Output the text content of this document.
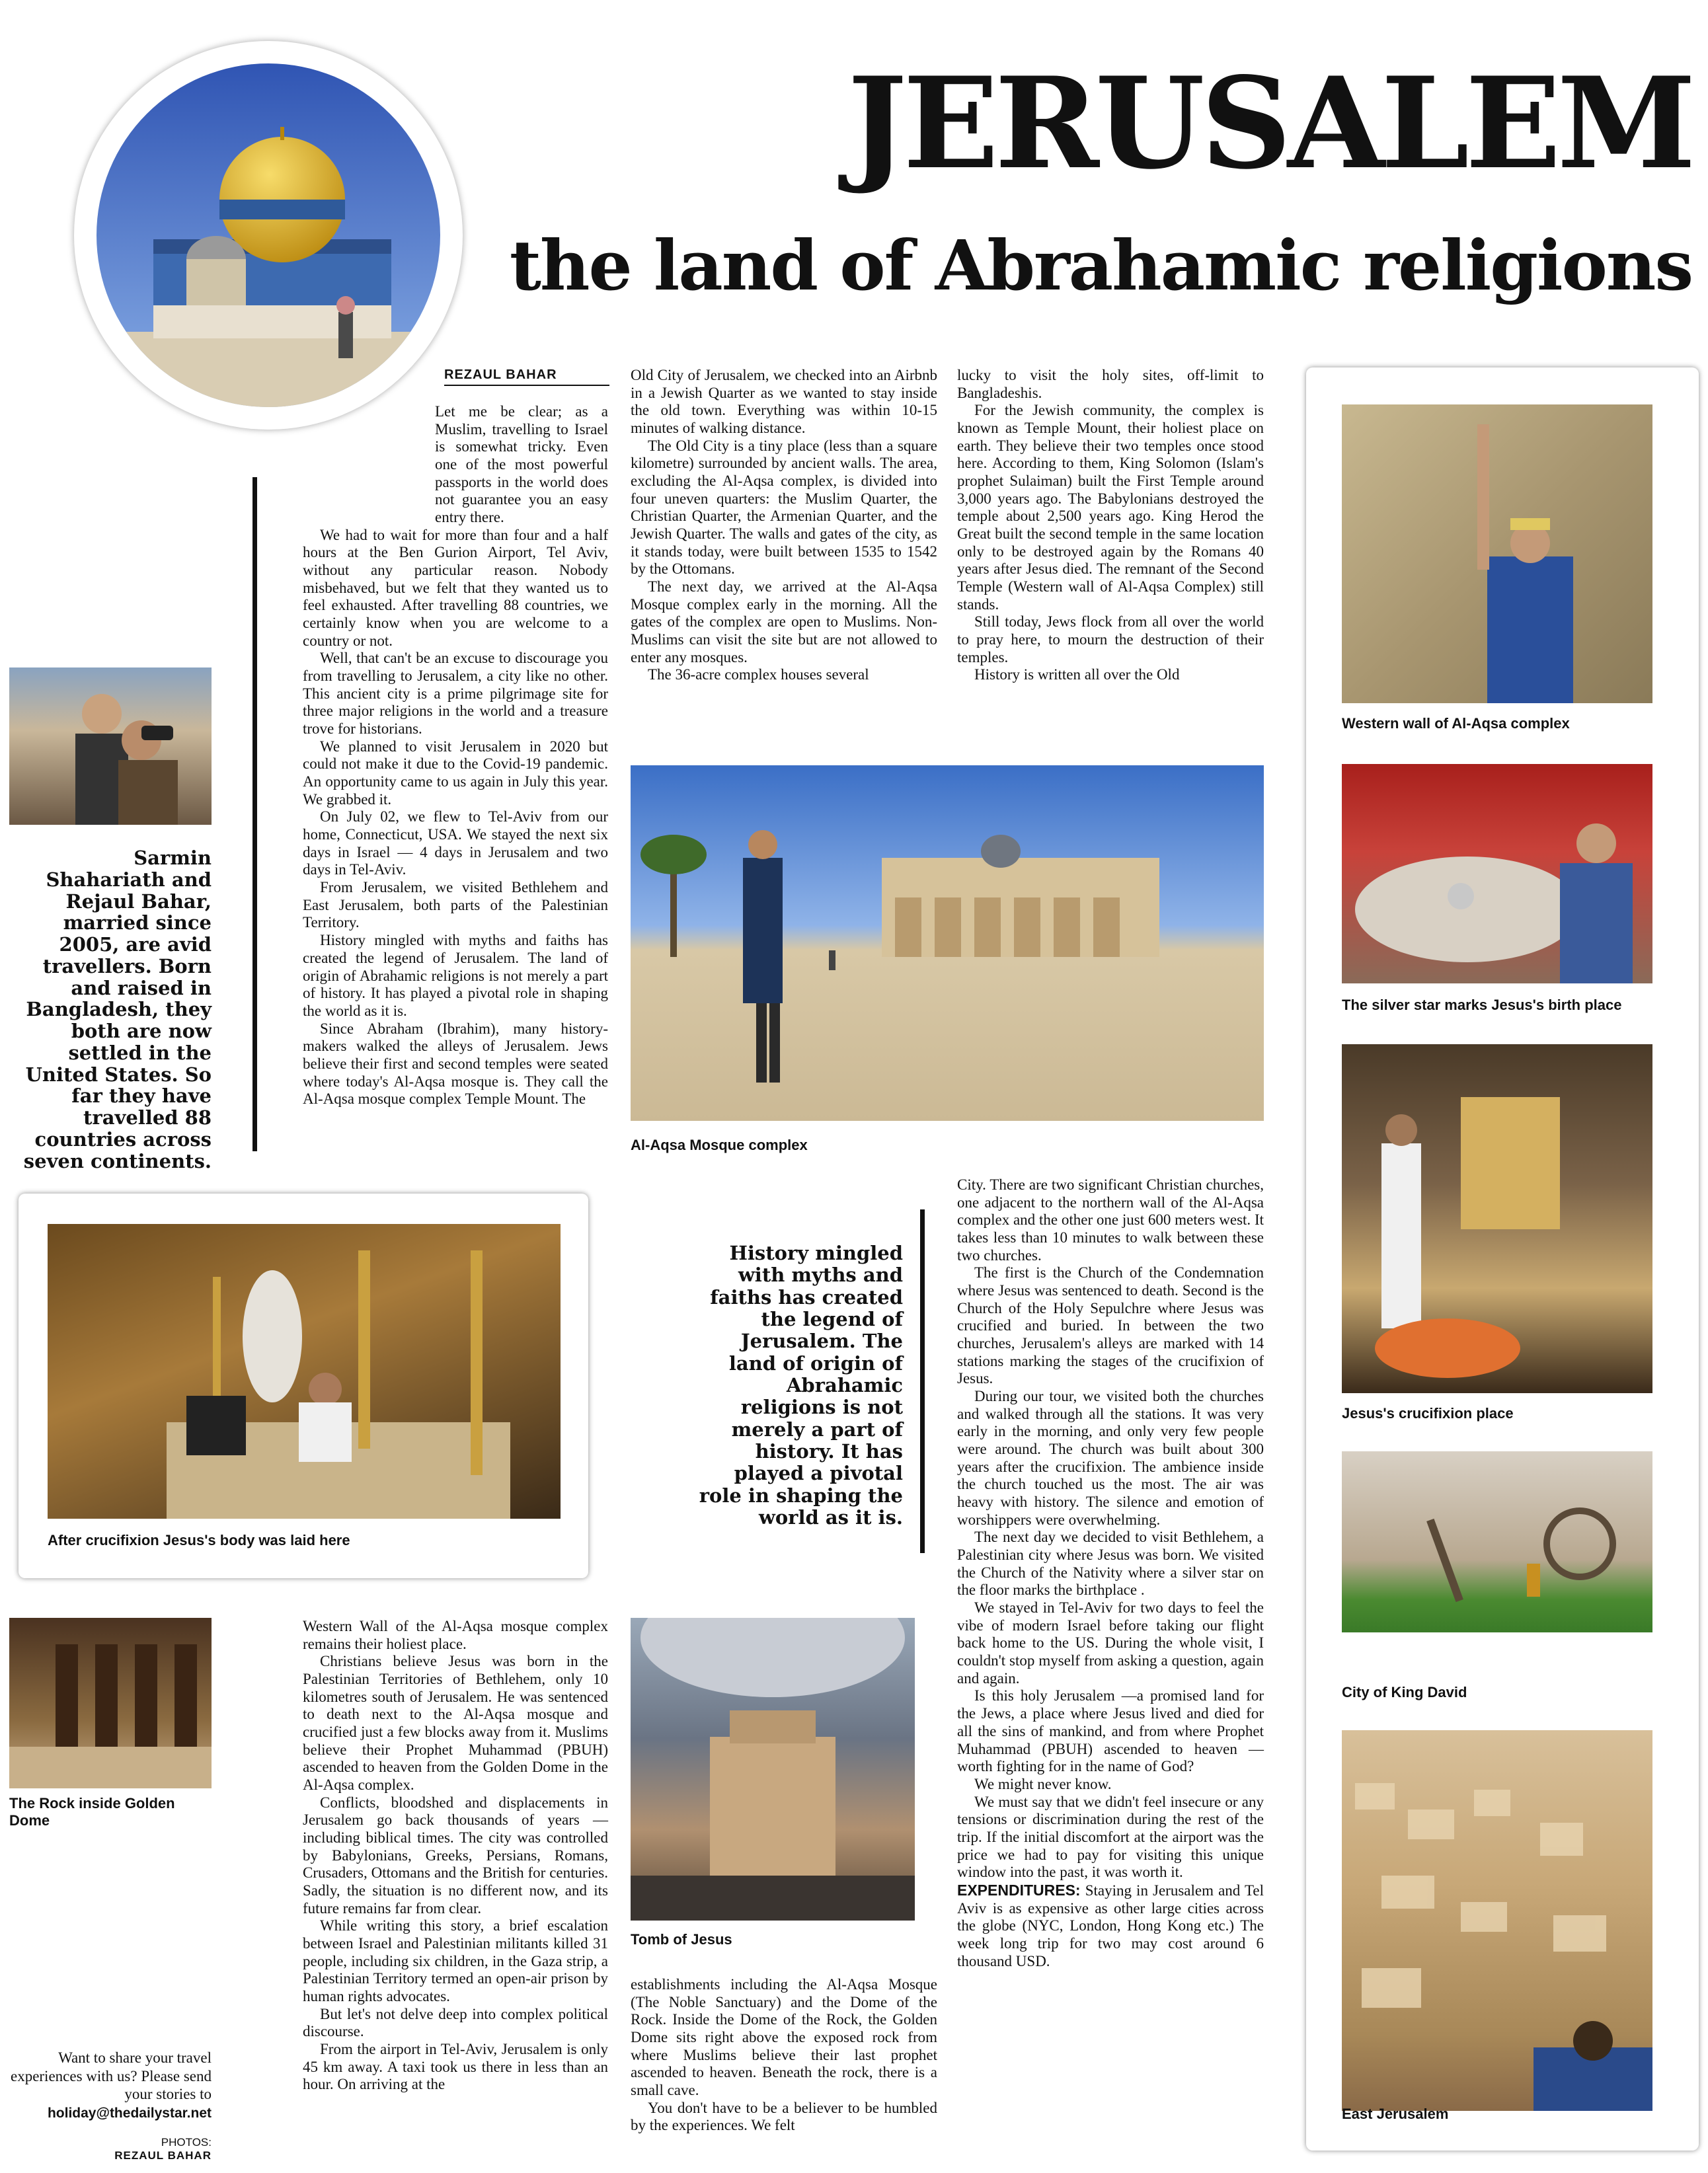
JERUSALEM
the land of Abrahamic religions
REZAUL BAHAR
Sarmin Shahariath and Rejaul Bahar, married since 2005, are avid travellers. Born and raised in Bangladesh, they both are now settled in the United States. So far they have travelled 88 countries across seven continents.

Let me be clear; as a Muslim, travelling to Israel is somewhat tricky. Even one of the most powerful passports in the world does not guarantee you an easy entry there.

We had to wait for more than four and a half hours at the Ben Gurion Airport, Tel Aviv, without any particular reason. Nobody misbehaved, but we felt that they wanted us to feel exhausted. After travelling 88 countries, we certainly know when you are welcome to a country or not.

Well, that can't be an excuse to discourage you from travelling to Jerusalem, a city like no other. This ancient city is a prime pilgrimage site for three major religions in the world and a treasure trove for historians.

We planned to visit Jerusalem in 2020 but could not make it due to the Covid-19 pandemic. An opportunity came to us again in July this year. We grabbed it.

On July 02, we flew to Tel-Aviv from our home, Connecticut, USA. We stayed the next six days in Israel — 4 days in Jerusalem and two days in Tel-Aviv.

From Jerusalem, we visited Bethlehem and East Jerusalem, both parts of the Palestinian Territory.

History mingled with myths and faiths has created the legend of Jerusalem. The land of origin of Abrahamic religions is not merely a part of history. It has played a pivotal role in shaping the world as it is.

Since Abraham (Ibrahim), many history-makers walked the alleys of Jerusalem. Jews believe their first and second temples were seated where today's Al-Aqsa mosque is. They call the Al-Aqsa mosque complex Temple Mount. The

Old City of Jerusalem, we checked into an Airbnb in a Jewish Quarter as we wanted to stay inside the old town. Everything was within 10-15 minutes of walking distance.

The Old City is a tiny place (less than a square kilometre) surrounded by ancient walls. The area, excluding the Al-Aqsa complex, is divided into four uneven quarters: the Muslim Quarter, the Christian Quarter, the Armenian Quarter, and the Jewish Quarter. The walls and gates of the city, as it stands today, were built between 1535 to 1542 by the Ottomans.

The next day, we arrived at the Al-Aqsa Mosque complex early in the morning. All the gates of the complex are open to Muslims. Non-Muslims can visit the site but are not allowed to enter any mosques.

The 36-acre complex houses several

lucky to visit the holy sites, off-limit to Bangladeshis.

For the Jewish community, the complex is known as Temple Mount, their holiest place on earth. They believe their two temples once stood here. According to them, King Solomon (Islam's prophet Sulaiman) built the First Temple around 3,000 years ago. The Babylonians destroyed the temple about 2,500 years ago. King Herod the Great built the second temple in the same location only to be destroyed again by the Romans 40 years after Jesus died. The remnant of the Second Temple (Western wall of Al-Aqsa Complex) still stands.

Still today, Jews flock from all over the world to pray here, to mourn the destruction of their temples.

History is written all over the Old

Al-Aqsa Mosque complex
After crucifixion Jesus's body was laid here
History mingled with myths and faiths has created the legend of Jerusalem. The land of origin of Abrahamic religions is not merely a part of history. It has played a pivotal role in shaping the world as it is.

City. There are two significant Christian churches, one adjacent to the northern wall of the Al-Aqsa complex and the other one just 600 meters west. It takes less than 10 minutes to walk between these two churches.

The first is the Church of the Condemnation where Jesus was sentenced to death. Second is the Church of the Holy Sepulchre where Jesus was crucified and buried. In between the two churches, Jerusalem's alleys are marked with 14 stations marking the stages of the crucifixion of Jesus.

During our tour, we visited both the churches and walked through all the stations. It was very early in the morning, and only very few people were around. The church was built about 300 years after the crucifixion. The ambience inside the church touched us the most. The air was heavy with history. The silence and emotion of worshippers were overwhelming.

The next day we decided to visit Bethlehem, a Palestinian city where Jesus was born. We visited the Church of the Nativity where a silver star on the floor marks the birthplace .

We stayed in Tel-Aviv for two days to feel the vibe of modern Israel before taking our flight back home to the US. During the whole visit, I couldn't stop myself from asking a question, again and again.

Is this holy Jerusalem —a promised land for the Jews, a place where Jesus lived and died for all the sins of mankind, and from where Prophet Muhammad (PBUH) ascended to heaven — worth fighting for in the name of God?

We might never know.

We must say that we didn't feel insecure or any tensions or discrimination during the rest of the trip. If the initial discomfort at the airport was the price we had to pay for visiting this unique window into the past, it was worth it.

EXPENDITURES: Staying in Jerusalem and Tel Aviv is as expensive as other large cities across the globe (NYC, London, Hong Kong etc.) The week long trip for two may cost around 6 thousand USD.

The Rock inside Golden Dome

Western Wall of the Al-Aqsa mosque complex remains their holiest place.

Christians believe Jesus was born in the Palestinian Territories of Bethlehem, only 10 kilometres south of Jerusalem. He was sentenced to death next to the Al-Aqsa mosque and crucified just a few blocks away from it. Muslims believe their Prophet Muhammad (PBUH) ascended to heaven from the Golden Dome in the Al-Aqsa complex.

Conflicts, bloodshed and displacements in Jerusalem go back thousands of years — including biblical times. The city was controlled by Babylonians, Greeks, Persians, Romans, Crusaders, Ottomans and the British for centuries. Sadly, the situation is no different now, and its future remains far from clear.

While writing this story, a brief escalation between Israel and Palestinian militants killed 31 people, including six children, in the Gaza strip, a Palestinian Territory termed an open-air prison by human rights advocates.

But let's not delve deep into complex political discourse.

From the airport in Tel-Aviv, Jerusalem is only 45 km away. A taxi took us there in less than an hour. On arriving at the

Tomb of Jesus

establishments including the Al-Aqsa Mosque (The Noble Sanctuary) and the Dome of the Rock. Inside the Dome of the Rock, the Golden Dome sits right above the exposed rock from where Muslims believe their last prophet ascended to heaven. Beneath the rock, there is a small cave.

You don't have to be a believer to be humbled by the experiences. We felt

Want to share your travel experiences with us? Please send your stories to
holiday@thedailystar.net
PHOTOS:
REZAUL BAHAR
Western wall of Al-Aqsa complex
The silver star marks Jesus's birth place
Jesus's crucifixion place
City of King David
East Jerusalem
